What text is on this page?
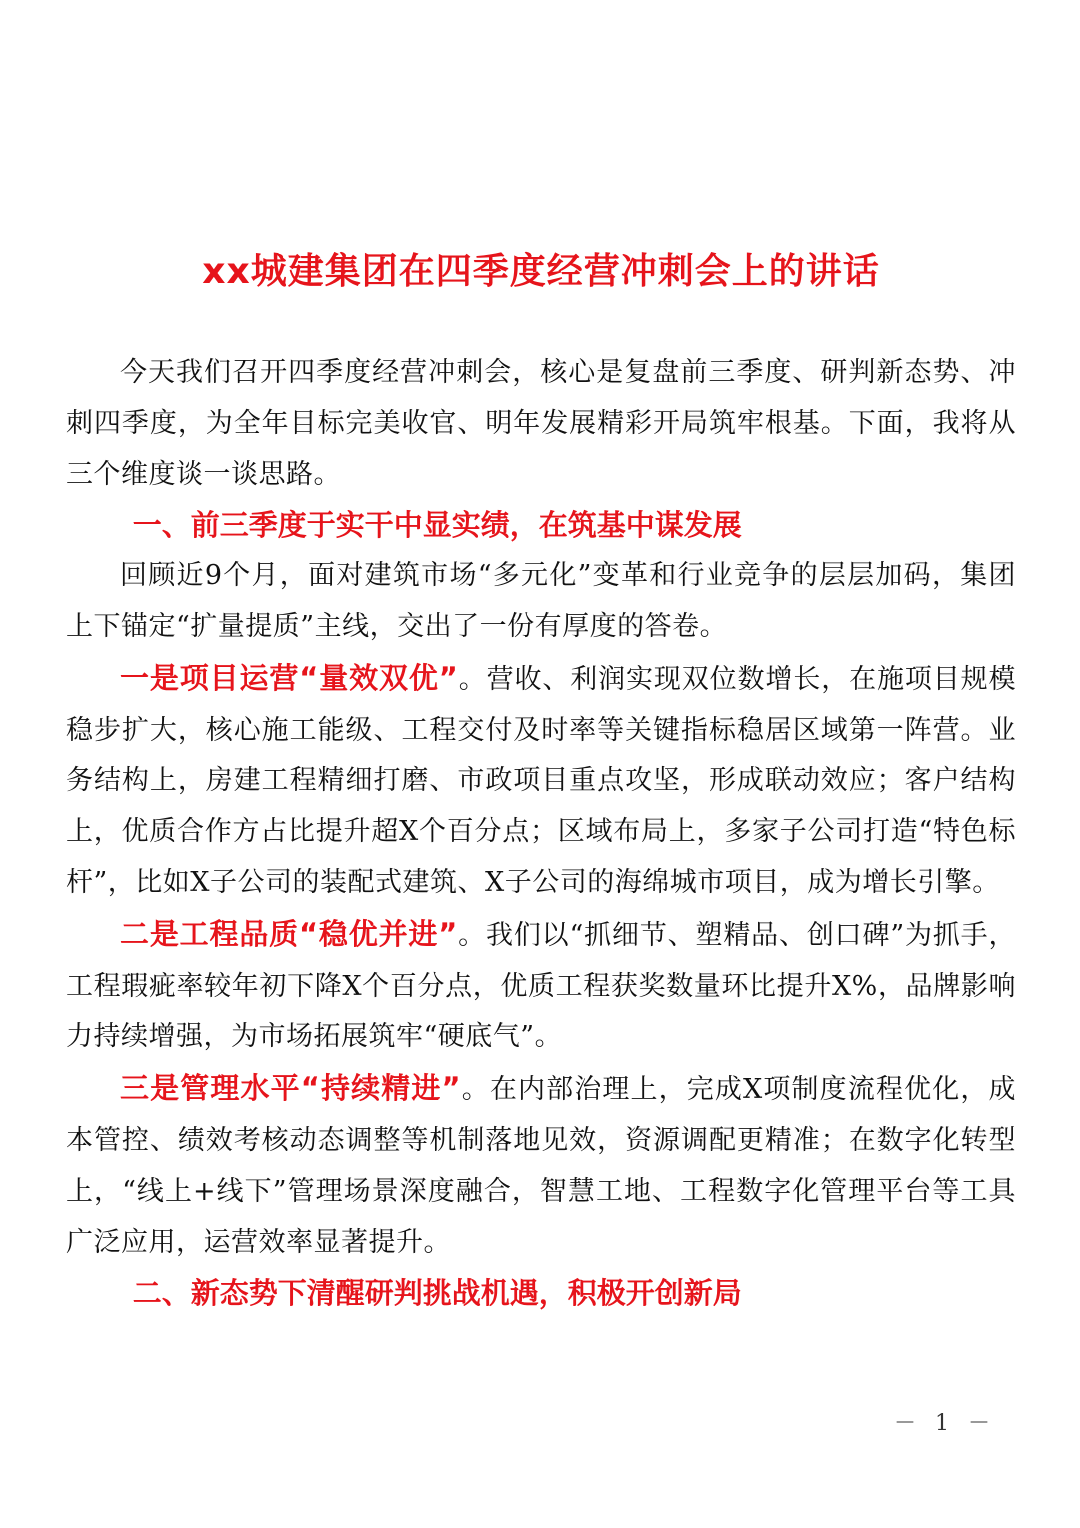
xx城建集团在四季度经营冲刺会上的讲话

今天我们召开四季度经营冲刺会，核心是复盘前三季度、研判新态势、冲刺四季度，为全年目标完美收官、明年发展精彩开局筑牢根基。下面，我将从三个维度谈一谈思路。

一、前三季度于实干中显实绩，在筑基中谋发展

回顾近9个月，面对建筑市场“多元化”变革和行业竞争的层层加码，集团上下锚定“扩量提质”主线，交出了一份有厚度的答卷。

一是项目运营“量效双优”。营收、利润实现双位数增长，在施项目规模稳步扩大，核心施工能级、工程交付及时率等关键指标稳居区域第一阵营。业务结构上，房建工程精细打磨、市政项目重点攻坚，形成联动效应；客户结构上，优质合作方占比提升超X个百分点；区域布局上，多家子公司打造“特色标杆”，比如X子公司的装配式建筑、X子公司的海绵城市项目，成为增长引擎。

二是工程品质“稳优并进”。我们以“抓细节、塑精品、创口碑”为抓手，工程瑕疵率较年初下降X个百分点，优质工程获奖数量环比提升X%，品牌影响力持续增强，为市场拓展筑牢“硬底气”。

三是管理水平“持续精进”。在内部治理上，完成X项制度流程优化，成本管控、绩效考核动态调整等机制落地见效，资源调配更精准；在数字化转型上，“线上+线下”管理场景深度融合，智慧工地、工程数字化管理平台等工具广泛应用，运营效率显著提升。

二、新态势下清醒研判挑战机遇，积极开创新局

－ 1 －
